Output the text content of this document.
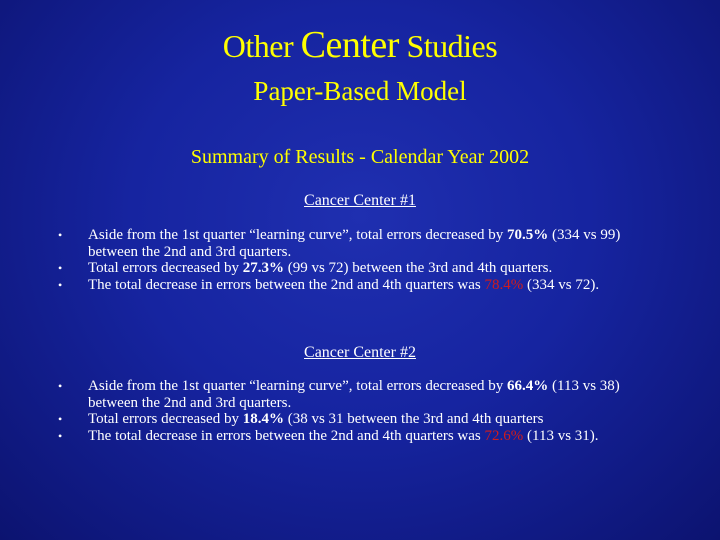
Other Center Studies
Paper-Based Model
Summary of Results - Calendar Year 2002
Cancer Center #1
• Aside from the 1st quarter “learning curve”, total errors decreased by 70.5% (334 vs 99) between the 2nd and 3rd quarters.
• Total errors decreased by 27.3% (99 vs 72) between the 3rd and 4th quarters.
• The total decrease in errors between the 2nd and 4th quarters was 78.4% (334 vs 72).
Cancer Center #2
• Aside from the 1st quarter “learning curve”, total errors decreased by 66.4% (113 vs 38) between the 2nd and 3rd quarters.
• Total errors decreased by 18.4% (38 vs 31 between the 3rd and 4th quarters
• The total decrease in errors between the 2nd and 4th quarters was 72.6% (113 vs 31).
